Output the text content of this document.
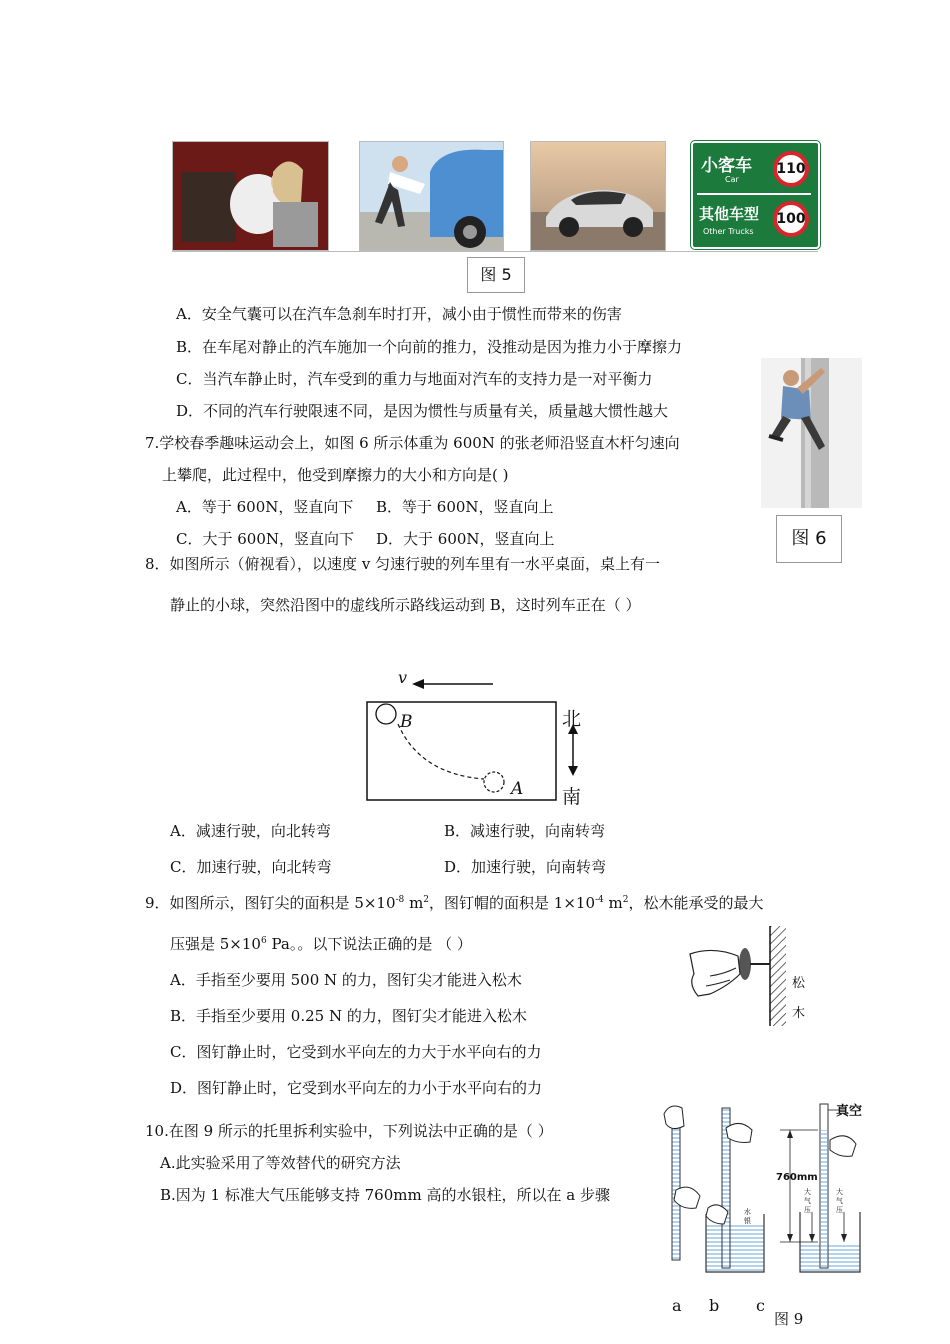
小客车
Car
110
其他车型
Other Trucks
100
图 5
A．安全气囊可以在汽车急刹车时打开，减小由于惯性而带来的伤害
B．在车尾对静止的汽车施加一个向前的推力，没推动是因为推力小于摩擦力
C．当汽车静止时，汽车受到的重力与地面对汽车的支持力是一对平衡力
D．不同的汽车行驶限速不同，是因为惯性与质量有关，质量越大惯性越大
图 6
7.学校春季趣味运动会上，如图 6 所示体重为 600N 的张老师沿竖直木杆匀速向
上攀爬，此过程中，他受到摩擦力的大小和方向是( )
A．等于 600N，竖直向下 B．等于 600N，竖直向上
C．大于 600N，竖直向下 D．大于 600N，竖直向上
8．如图所示（俯视看），以速度 v 匀速行驶的列车里有一水平桌面，桌上有一
静止的小球，突然沿图中的虚线所示路线运动到 B，这时列车正在（ ）
v
B
A
北
南
A．减速行驶，向北转弯	B．减速行驶，向南转弯
C．加速行驶，向北转弯	D．加速行驶，向南转弯
9．如图所示，图钉尖的面积是 $5\times 10^{-8}$ $m^2$，图钉帽的面积是 $1\times 10^{-4}$ $m^2$，松木能承受的最大
压强是 $5\times 10^6$ Pa。。以下说法正确的是 （ ）
A．手指至少要用 500 N 的力，图钉尖才能进入松木
B．手指至少要用 0.25 N 的力，图钉尖才能进入松木
C．图钉静止时，它受到水平向左的力大于水平向右的力
D．图钉静止时，它受到水平向左的力小于水平向右的力
松
木
10.在图 9 所示的托里拆利实验中，下列说法中正确的是（ ）
A.此实验采用了等效替代的研究方法
B.因为 1 标准大气压能够支持 760mm 高的水银柱，所以在 a 步骤
真空
760mm
水银
大气压
大气压
a b c
图 9
